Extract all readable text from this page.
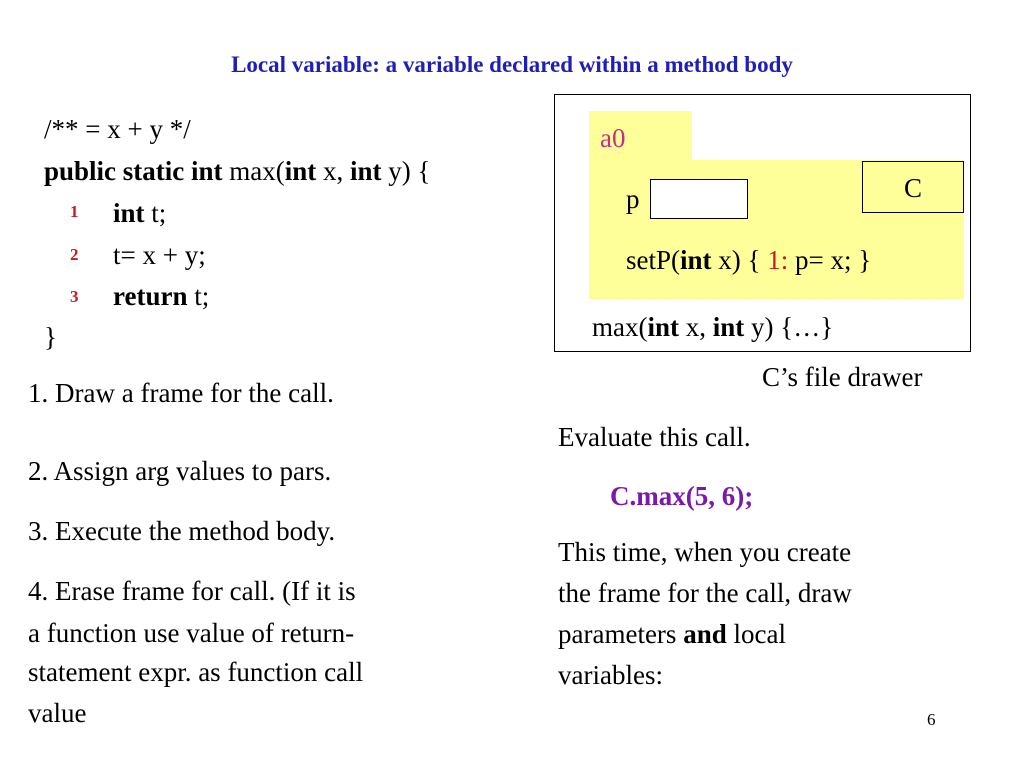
Local variable: a variable declared within a method body
/** = x + y */
public static int max(int x, int y) {
1 int t;
2 t= x + y;
3 return t;
}
1. Draw a frame for the call.
2. Assign arg values to pars.
3. Execute the method body.
4. Erase frame for call. (If it is
a function use value of return-
statement expr. as function call
value
a0
p	C
setP(int x) { 1: p= x; }
max(int x, int y) {…}
C’s file drawer
Evaluate this call.
C.max(5, 6);
This time, when you create
the frame for the call, draw
parameters and local
variables:
6
